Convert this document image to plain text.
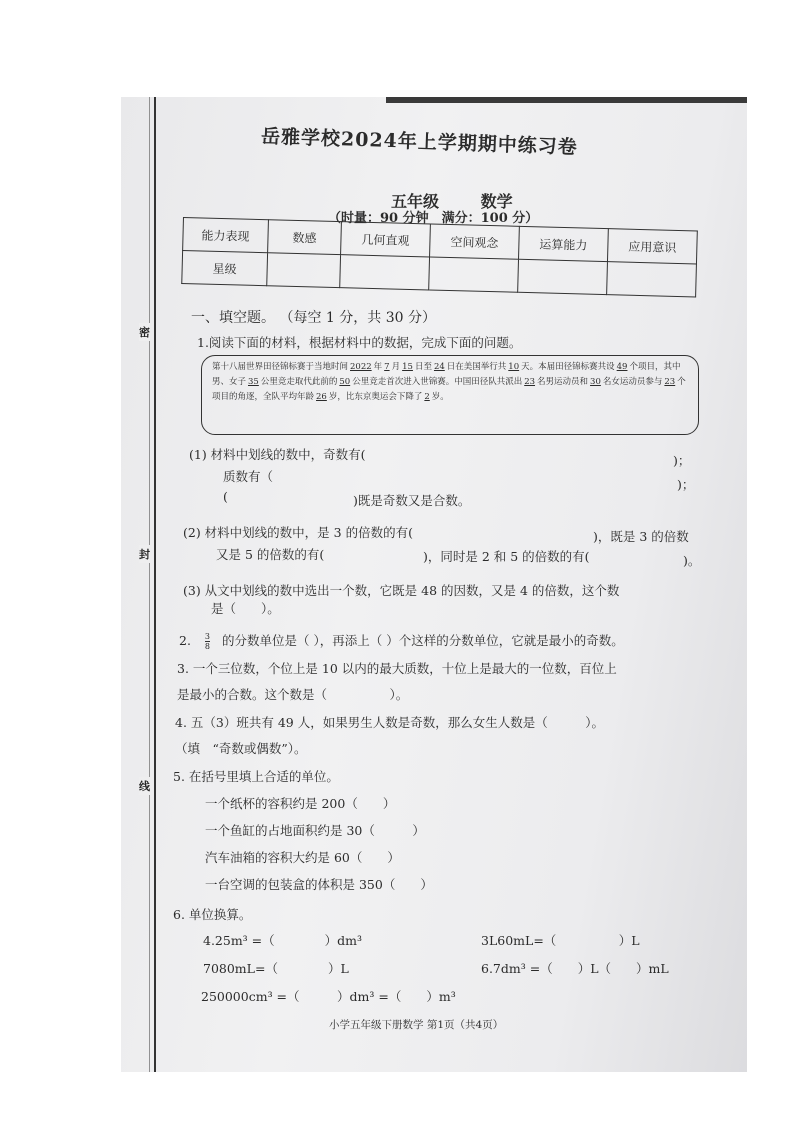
密
封
线
岳雅学校2024年上学期期中练习卷
五年级	数学
（时量：90 分钟　满分：100 分）
能力表现	数感	几何直观	空间观念	运算能力	应用意识
星级					
一、填空题。 （每空 1 分，共 30 分）
1.阅读下面的材料，根据材料中的数据，完成下面的问题。
第十八届世界田径锦标赛于当地时间 2022 年 7 月 15 日至 24 日在美国举行共 10 天。本届田径锦标赛共设 49 个项目，其中男、女子 35 公里竞走取代此前的 50 公里竞走首次进入世锦赛。中国田径队共派出 23 名男运动员和 30 名女运动员参与 23 个项目的角逐，全队平均年龄 26 岁，比东京奥运会下降了 2 岁。
(1) 材料中划线的数中，奇数有(	)；
质数有（
)；
(	)既是奇数又是合数。
(2) 材料中划线的数中，是 3 的倍数的有(	)，既是 3 的倍数
又是 5 的倍数的有(	)，同时是 2 和 5 的倍数的有(	)。
(3) 从文中划线的数中选出一个数，它既是 48 的因数，又是 4 的倍数，这个数
是（　　）。
2. $\frac{3}{8}$ 的分数单位是（ ），再添上（ ）个这样的分数单位，它就是最小的奇数。
3. 一个三位数，个位上是 10 以内的最大质数，十位上是最大的一位数，百位上
是最小的合数。这个数是（　　　　　）。
4. 五（3）班共有 49 人，如果男生人数是奇数，那么女生人数是（　　　）。
（填　“奇数或偶数”）。
5. 在括号里填上合适的单位。
一个纸杯的容积约是 200（　　）
一个鱼缸的占地面积约是 30（　　　）
汽车油箱的容积大约是 60（　　）
一台空调的包装盒的体积是 350（　　）
6. 单位换算。
4.25m³ =（　　　　）dm³	3L60mL=（　　　　　）L
7080mL=（　　　　）L	6.7dm³ =（　　）L（　　）mL
250000cm³ =（　　　）dm³ =（　　）m³
小学五年级下册数学 第1页（共4页）
